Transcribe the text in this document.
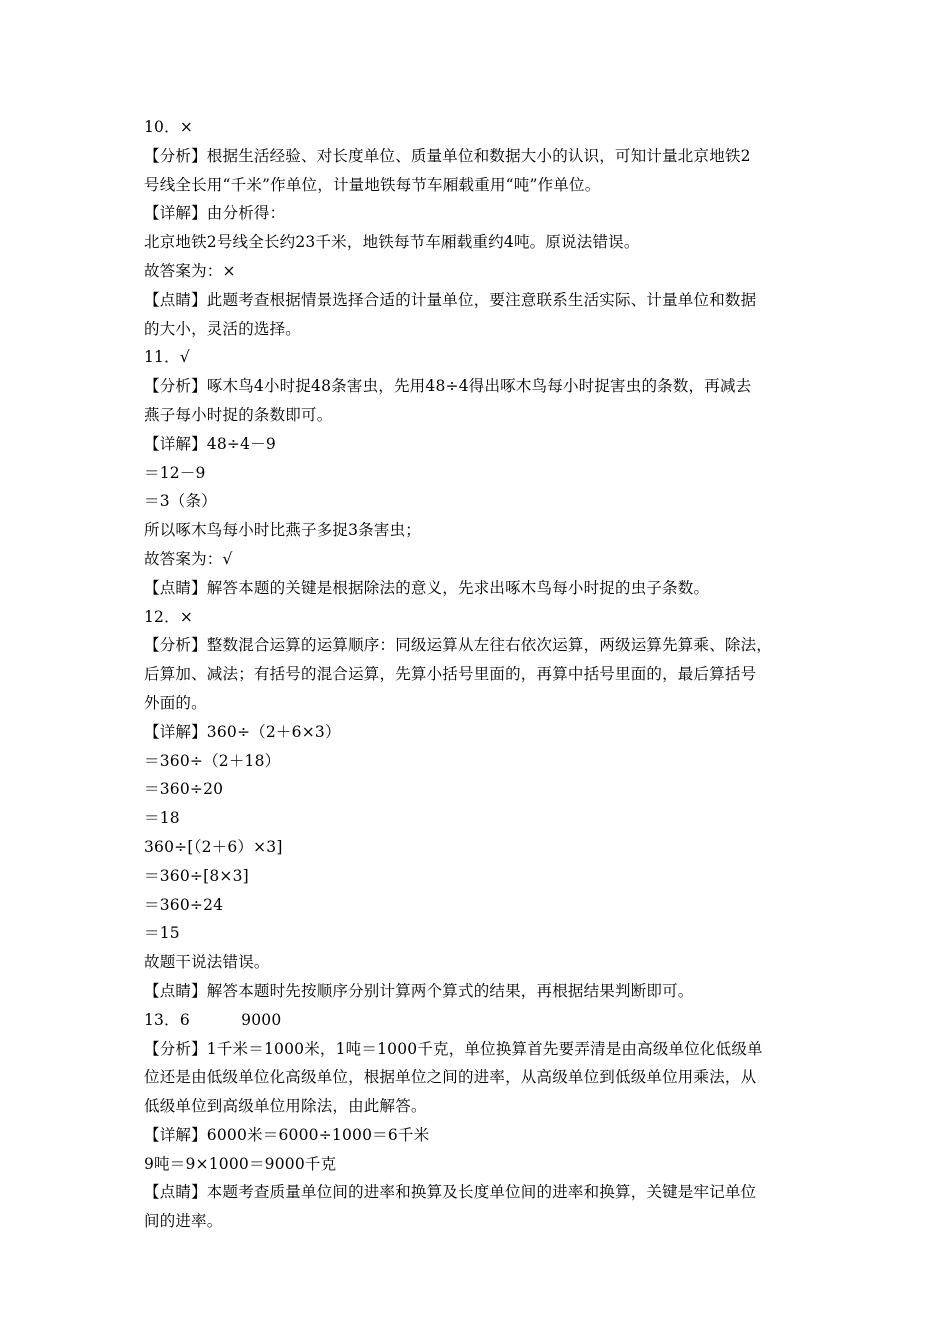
10．×
【分析】根据生活经验、对长度单位、质量单位和数据大小的认识，可知计量北京地铁2
号线全长用“千米”作单位，计量地铁每节车厢载重用“吨”作单位。
【详解】由分析得：
北京地铁2号线全长约23千米，地铁每节车厢载重约4吨。原说法错误。
故答案为：×
【点睛】此题考查根据情景选择合适的计量单位，要注意联系生活实际、计量单位和数据
的大小，灵活的选择。
11．√
【分析】啄木鸟4小时捉48条害虫，先用48÷4得出啄木鸟每小时捉害虫的条数，再减去
燕子每小时捉的条数即可。
【详解】48÷4－9
＝12－9
＝3（条）
所以啄木鸟每小时比燕子多捉3条害虫；
故答案为：√
【点睛】解答本题的关键是根据除法的意义，先求出啄木鸟每小时捉的虫子条数。
12．×
【分析】整数混合运算的运算顺序：同级运算从左往右依次运算，两级运算先算乘、除法，
后算加、减法；有括号的混合运算，先算小括号里面的，再算中括号里面的，最后算括号
外面的。
【详解】360÷（2＋6×3）
＝360÷（2＋18）
＝360÷20
＝18
360÷[（2＋6）×3]
＝360÷[8×3]
＝360÷24
＝15
故题干说法错误。
【点睛】解答本题时先按顺序分别计算两个算式的结果，再根据结果判断即可。
13．6          9000
【分析】1千米＝1000米，1吨＝1000千克，单位换算首先要弄清是由高级单位化低级单
位还是由低级单位化高级单位，根据单位之间的进率，从高级单位到低级单位用乘法，从
低级单位到高级单位用除法，由此解答。
【详解】6000米＝6000÷1000＝6千米
9吨＝9×1000＝9000千克
【点睛】本题考查质量单位间的进率和换算及长度单位间的进率和换算，关键是牢记单位
间的进率。
